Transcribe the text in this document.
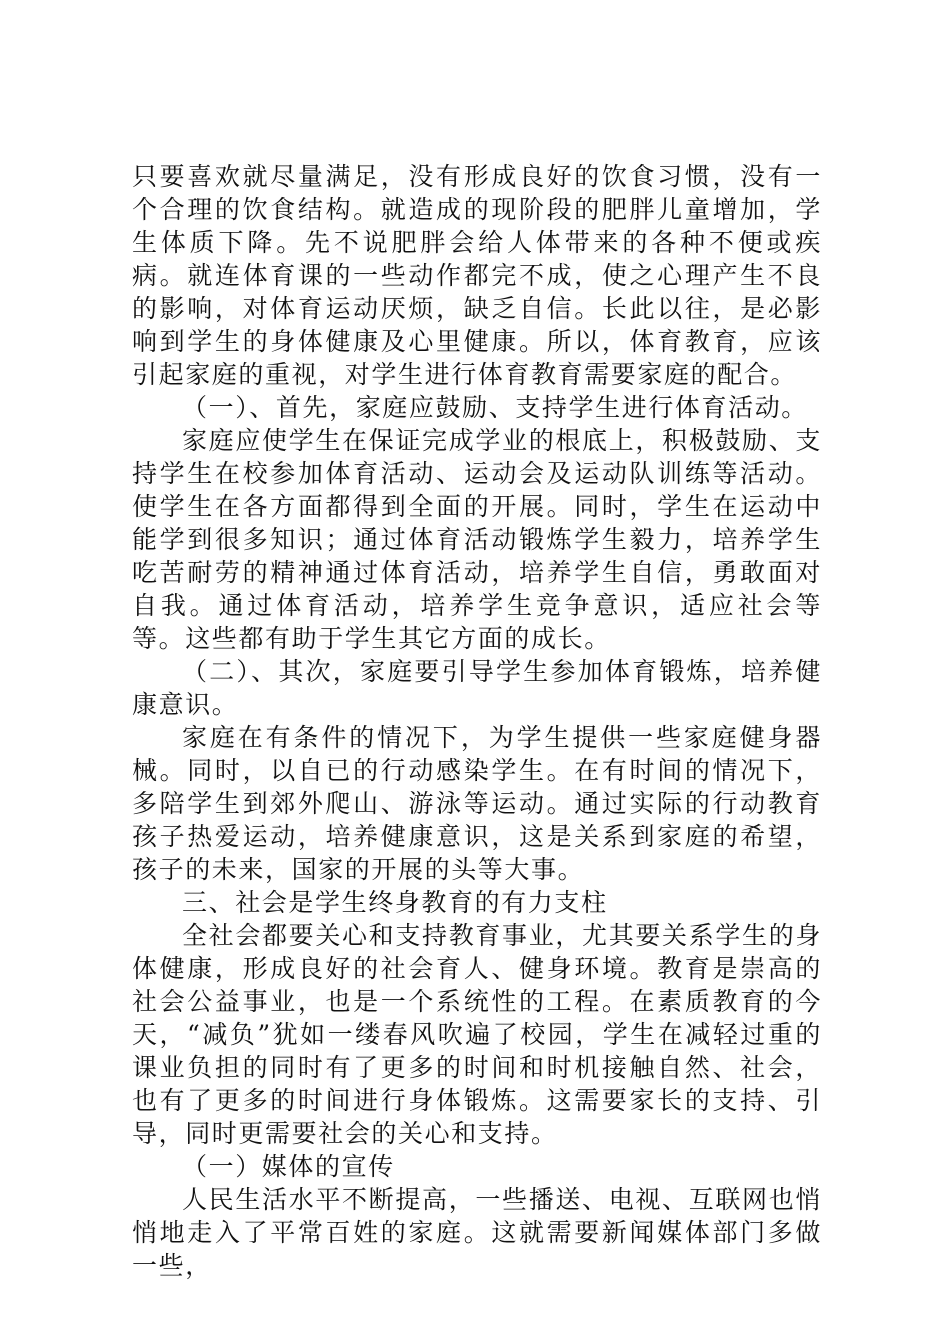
只要喜欢就尽量满足，没有形成良好的饮食习惯，没有一个合理的饮食结构。就造成的现阶段的肥胖儿童增加，学生体质下降。先不说肥胖会给人体带来的各种不便或疾病。就连体育课的一些动作都完不成，使之心理产生不良的影响，对体育运动厌烦，缺乏自信。长此以往，是必影响到学生的身体健康及心里健康。所以，体育教育，应该引起家庭的重视，对学生进行体育教育需要家庭的配合。

（一）、首先，家庭应鼓励、支持学生进行体育活动。

家庭应使学生在保证完成学业的根底上，积极鼓励、支持学生在校参加体育活动、运动会及运动队训练等活动。使学生在各方面都得到全面的开展。同时，学生在运动中能学到很多知识；通过体育活动锻炼学生毅力，培养学生吃苦耐劳的精神通过体育活动，培养学生自信，勇敢面对自我。通过体育活动，培养学生竞争意识，适应社会等等。这些都有助于学生其它方面的成长。

（二）、其次，家庭要引导学生参加体育锻炼，培养健康意识。

家庭在有条件的情况下，为学生提供一些家庭健身器械。同时，以自已的行动感染学生。在有时间的情况下，多陪学生到郊外爬山、游泳等运动。通过实际的行动教育孩子热爱运动，培养健康意识，这是关系到家庭的希望，孩子的未来，国家的开展的头等大事。

三、社会是学生终身教育的有力支柱

全社会都要关心和支持教育事业，尤其要关系学生的身体健康，形成良好的社会育人、健身环境。教育是崇高的社会公益事业，也是一个系统性的工程。在素质教育的今天，“减负”犹如一缕春风吹遍了校园，学生在减轻过重的课业负担的同时有了更多的时间和时机接触自然、社会，也有了更多的时间进行身体锻炼。这需要家长的支持、引导，同时更需要社会的关心和支持。

（一）媒体的宣传

人民生活水平不断提高，一些播送、电视、互联网也悄悄地走入了平常百姓的家庭。这就需要新闻媒体部门多做一些，
